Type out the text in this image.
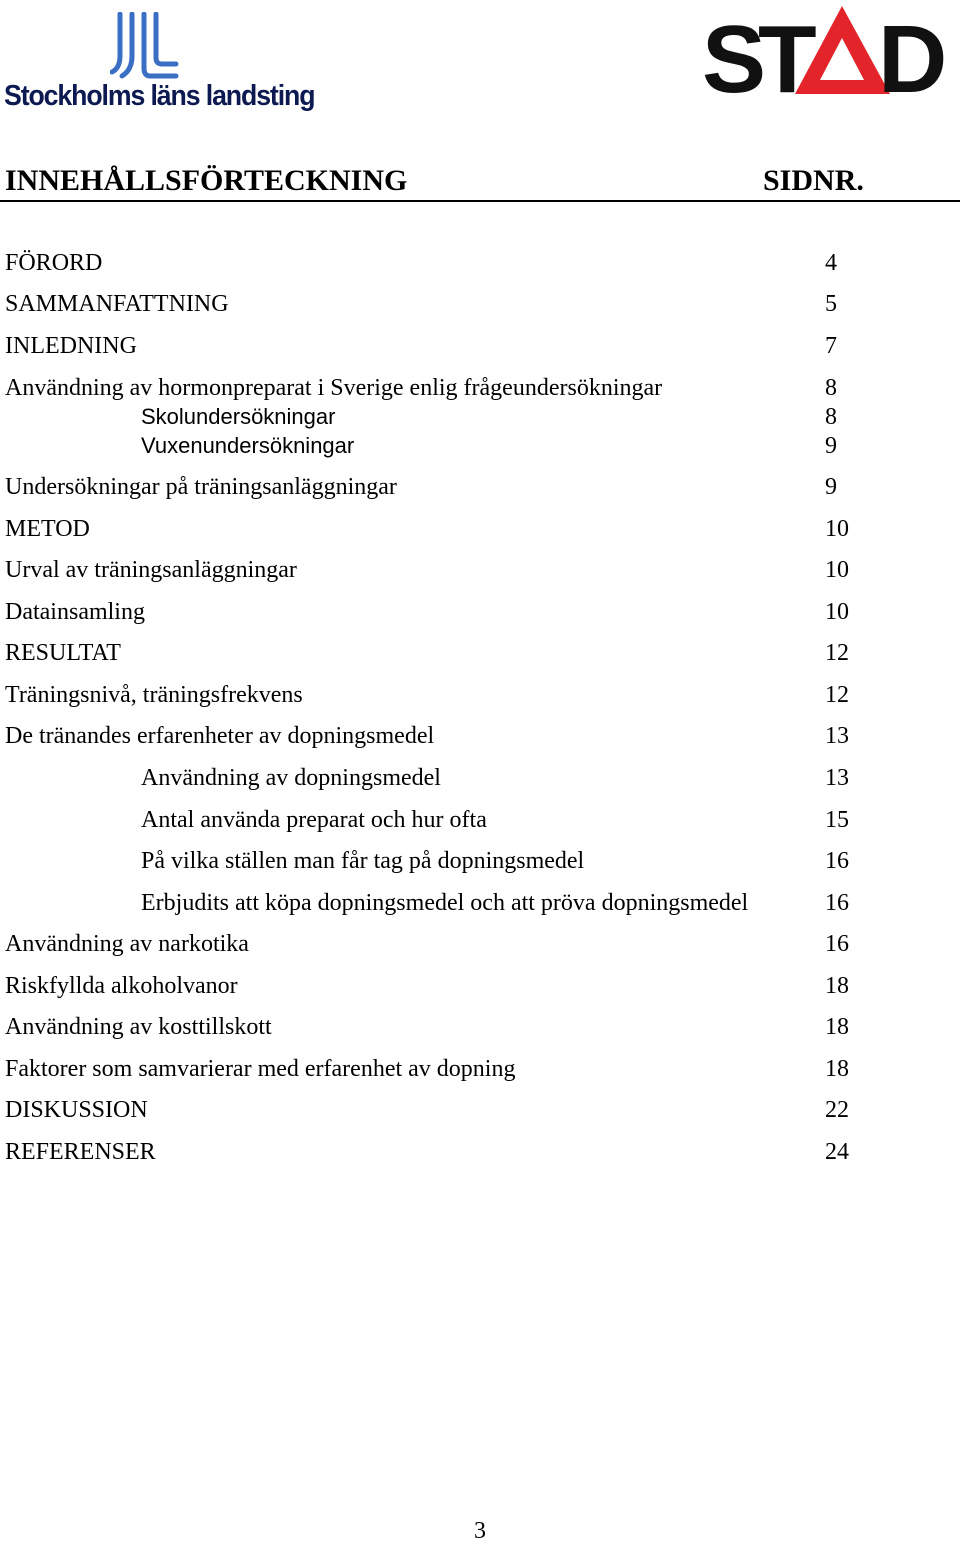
Stockholms läns landsting	S
T D
INNEHÅLLSFÖRTECKNING	SIDNR.
FÖRORD	4
SAMMANFATTNING	5
INLEDNING	7
Användning av hormonpreparat i Sverige enlig frågeundersökningar	8
Skolundersökningar	8
Vuxenundersökningar	9
Undersökningar på träningsanläggningar	9
METOD	10
Urval av träningsanläggningar	10
Datainsamling	10
RESULTAT	12
Träningsnivå, träningsfrekvens	12
De tränandes erfarenheter av dopningsmedel	13
Användning av dopningsmedel	13
Antal använda preparat och hur ofta	15
På vilka ställen man får tag på dopningsmedel	16
Erbjudits att köpa dopningsmedel och att pröva dopningsmedel	16
Användning av narkotika	16
Riskfyllda alkoholvanor	18
Användning av kosttillskott	18
Faktorer som samvarierar med erfarenhet av dopning	18
DISKUSSION	22
REFERENSER	24
3
